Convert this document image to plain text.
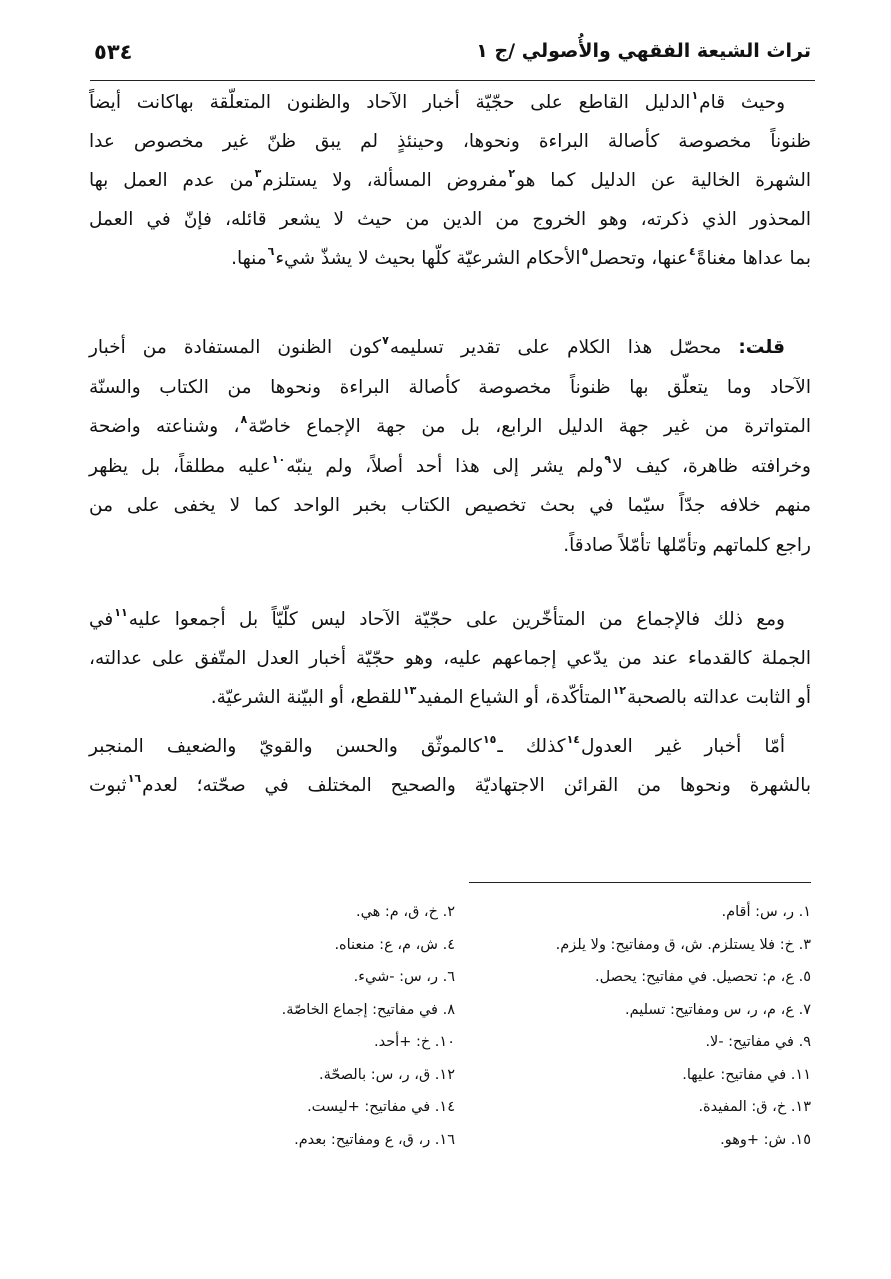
٥٣٤	تراث الشيعة الفقهي والأُصولي /ج ١
وحيث قام$^١$الدليل القاطع على حجّيّة أخبار الآحاد والظنون المتعلّقة بهاكانت أيضاً
ظنوناً مخصوصة كأصالة البراءة ونحوها، وحينئذٍ لم يبق ظنّ غير مخصوص عدا
الشهرة الخالية عن الدليل كما هو$^٢$مفروض المسألة، ولا يستلزم$^٣$من عدم العمل بها
المحذور الذي ذكرته، وهو الخروج من الدين من حيث لا يشعر قائله، فإنّ في العمل
بما عداها مغناةً$^٤$عنها، وتحصل$^٥$الأحكام الشرعيّة كلّها بحيث لا يشذّ شيء$^٦$منها.
قلت: محصّل هذا الكلام على تقدير تسليمه$^٧$كون الظنون المستفادة من أخبار
الآحاد وما يتعلّق بها ظنوناً مخصوصة كأصالة البراءة ونحوها من الكتاب والسنّة
المتواترة من غير جهة الدليل الرابع، بل من جهة الإجماع خاصّة$^٨$، وشناعته واضحة
وخرافته ظاهرة، كيف لا$^٩$ولم يشر إلى هذا أحد أصلاً، ولم ينبّه$^{١٠}$عليه مطلقاً، بل يظهر
منهم خلافه جدّاً سيّما في بحث تخصيص الكتاب بخبر الواحد كما لا يخفى على من
راجع كلماتهم وتأمّلها تأمّلاً صادقاً.
ومع ذلك فالإجماع من المتأخّرين على حجّيّة الآحاد ليس كلّيّاً بل أجمعوا عليه$^{١١}$في
الجملة كالقدماء عند من يدّعي إجماعهم عليه، وهو حجّيّة أخبار العدل المتّفق على عدالته،
أو الثابت عدالته بالصحبة$^{١٢}$المتأكّدة، أو الشياع المفيد$^{١٣}$للقطع، أو البيّنة الشرعيّة.
أمّا أخبار غير العدول$^{١٤}$كذلك ـ$^{١٥}$كالموثّق والحسن والقويّ والضعيف المنجبر
بالشهرة ونحوها من القرائن الاجتهاديّة والصحيح المختلف في صحّته؛ لعدم$^{١٦}$ثبوت
١. ر، س: أقام.
٢. خ، ق، م: هي.
٣. خ: فلا يستلزم. ش، ق ومفاتيح: ولا يلزم.
٤. ش، م، ع: منعناه.
٥. ع، م: تحصيل. في مفاتيح: يحصل.
٦. ر، س: -شيء.
٧. ع، م، ر، س ومفاتيح: تسليم.
٨. في مفاتيح: إجماع الخاصّة.
٩. في مفاتيح: -لا.
١٠. خ: +أحد.
١١. في مفاتيح: عليها.
١٢. ق، ر، س: بالصحّة.
١٣. خ، ق: المفيدة.
١٤. في مفاتيح: +ليست.
١٥. ش: +وهو.
١٦. ر، ق، ع ومفاتيح: بعدم.
